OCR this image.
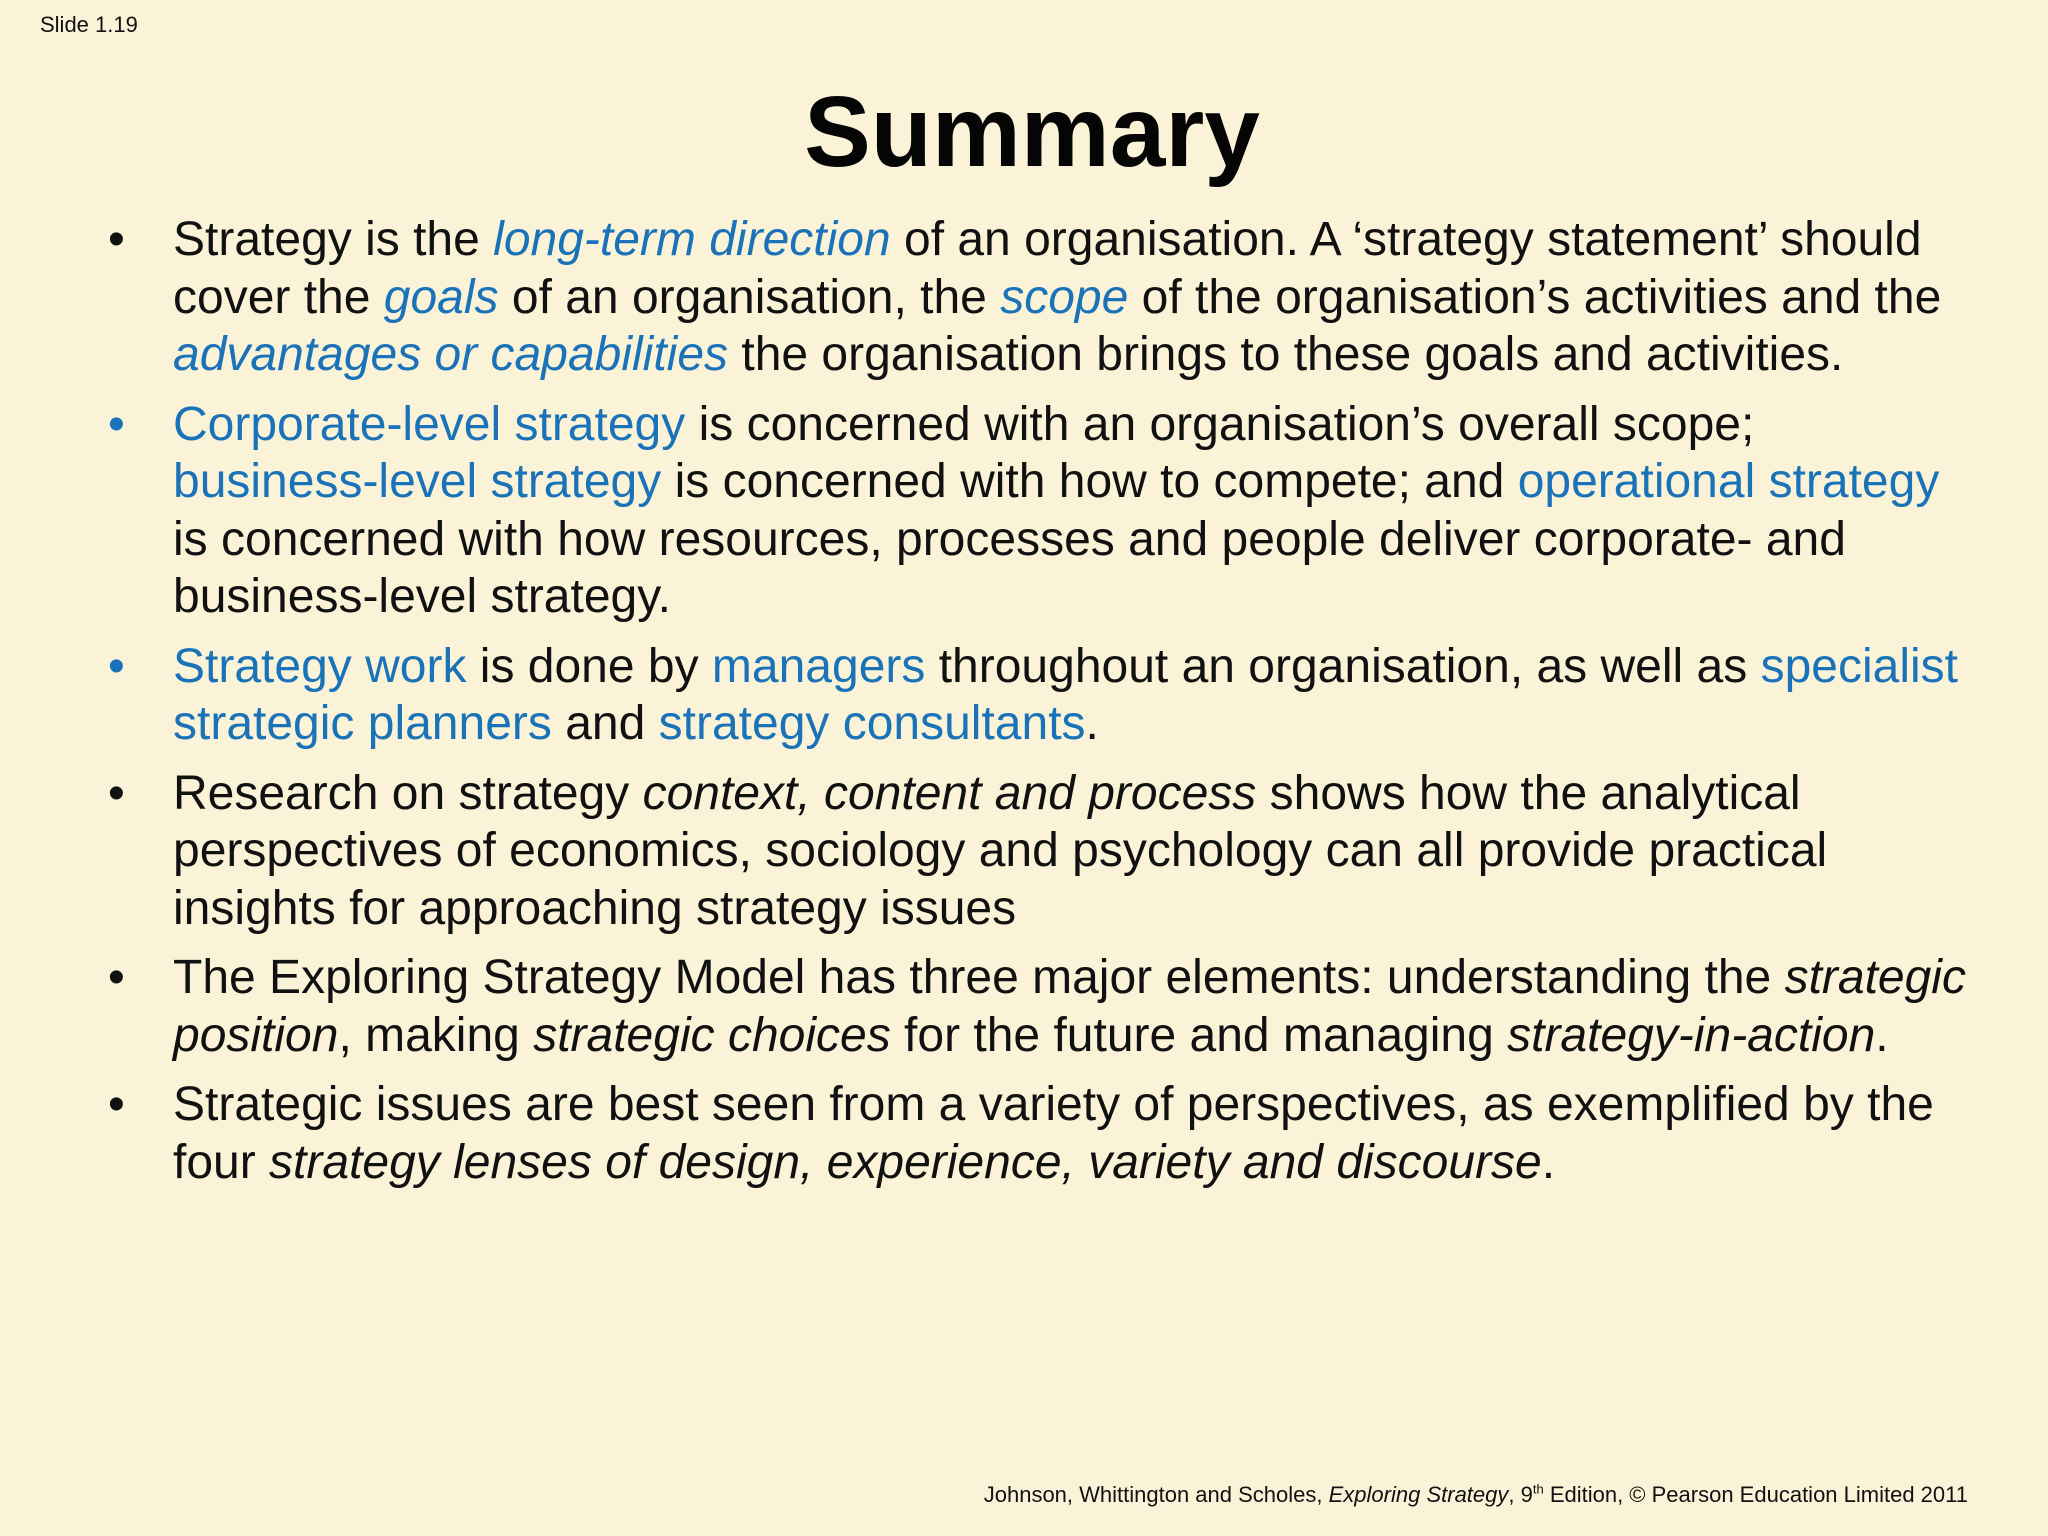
Slide 1.19
Summary
• Strategy is the long-term direction of an organisation. A ‘strategy statement’ should cover the goals of an organisation, the scope of the organisation’s activities and the advantages or capabilities the organisation brings to these goals and activities.
• Corporate-level strategy is concerned with an organisation’s overall scope; business-level strategy is concerned with how to compete; and operational strategy is concerned with how resources, processes and people deliver corporate- and business-level strategy.
• Strategy work is done by managers throughout an organisation, as well as specialist strategic planners and strategy consultants.
• Research on strategy context, content and process shows how the analytical perspectives of economics, sociology and psychology can all provide practical insights for approaching strategy issues
• The Exploring Strategy Model has three major elements: understanding the strategic position, making strategic choices for the future and managing strategy-in-action.
• Strategic issues are best seen from a variety of perspectives, as exemplified by the four strategy lenses of design, experience, variety and discourse.
Johnson, Whittington and Scholes, Exploring Strategy, 9th Edition, © Pearson Education Limited 2011
